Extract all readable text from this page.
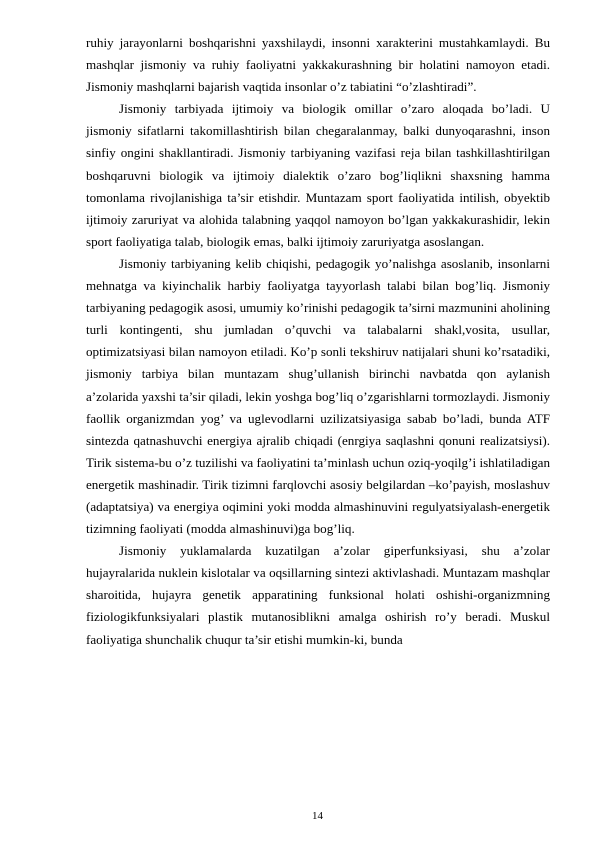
ruhiy jarayonlarni boshqarishni yaxshilaydi, insonni xarakterini mustahkamlaydi. Bu mashqlar jismoniy va ruhiy faoliyatni yakkakurashning bir holatini namoyon etadi. Jismoniy mashqlarni bajarish vaqtida insonlar o’z tabiatini “o’zlashtiradi”.

Jismoniy tarbiyada ijtimoiy va biologik omillar o’zaro aloqada bo’ladi. U jismoniy sifatlarni takomillashtirish bilan chegaralanmay, balki dunyoqarashni, inson sinfiy ongini shakllantiradi. Jismoniy tarbiyaning vazifasi reja bilan tashkillashtirilgan boshqaruvni biologik va ijtimoiy dialektik o’zaro bog’liqlikni shaxsning hamma tomonlama rivojlanishiga ta’sir etishdir. Muntazam sport faoliyatida intilish, obyektib ijtimoiy zaruriyat va alohida talabning yaqqol namoyon bo’lgan yakkakurashidir, lekin sport faoliyatiga talab, biologik emas, balki ijtimoiy zaruriyatga asoslangan.

Jismoniy tarbiyaning kelib chiqishi, pedagogik yo’nalishga asoslanib, insonlarni mehnatga va kiyinchalik harbiy faoliyatga tayyorlash talabi bilan bog’liq. Jismoniy tarbiyaning pedagogik asosi, umumiy ko’rinishi pedagogik ta’sirni mazmunini aholining turli kontingenti, shu jumladan o’quvchi va talabalarni shakl,vosita, usullar, optimizatsiyasi bilan namoyon etiladi. Ko’p sonli tekshiruv natijalari shuni ko’rsatadiki, jismoniy tarbiya bilan muntazam shug’ullanish birinchi navbatda qon aylanish a’zolarida yaxshi ta’sir qiladi, lekin yoshga bog’liq o’zgarishlarni tormozlaydi. Jismoniy faollik organizmdan yog’ va uglevodlarni uzilizatsiyasiga sabab bo’ladi, bunda ATF sintezda qatnashuvchi energiya ajralib chiqadi (enrgiya saqlashni qonuni realizatsiysi). Tirik sistema-bu o’z tuzilishi va faoliyatini ta’minlash uchun oziq-yoqilg’i ishlatiladigan energetik mashinadir. Tirik tizimni farqlovchi asosiy belgilardan –ko’payish, moslashuv (adaptatsiya) va energiya oqimini yoki modda almashinuvini regulyatsiyalash-energetik tizimning faoliyati (modda almashinuvi)ga bog’liq.

Jismoniy yuklamalarda kuzatilgan a’zolar giperfunksiyasi, shu a’zolar hujayralarida nuklein kislotalar va oqsillarning sintezi aktivlashadi. Muntazam mashqlar sharoitida, hujayra genetik apparatining funksional holati oshishi-organizmning fiziologikfunksiyalari plastik mutanosiblikni amalga oshirish ro’y beradi. Muskul faoliyatiga shunchalik chuqur ta’sir etishi mumkin-ki, bunda

14
